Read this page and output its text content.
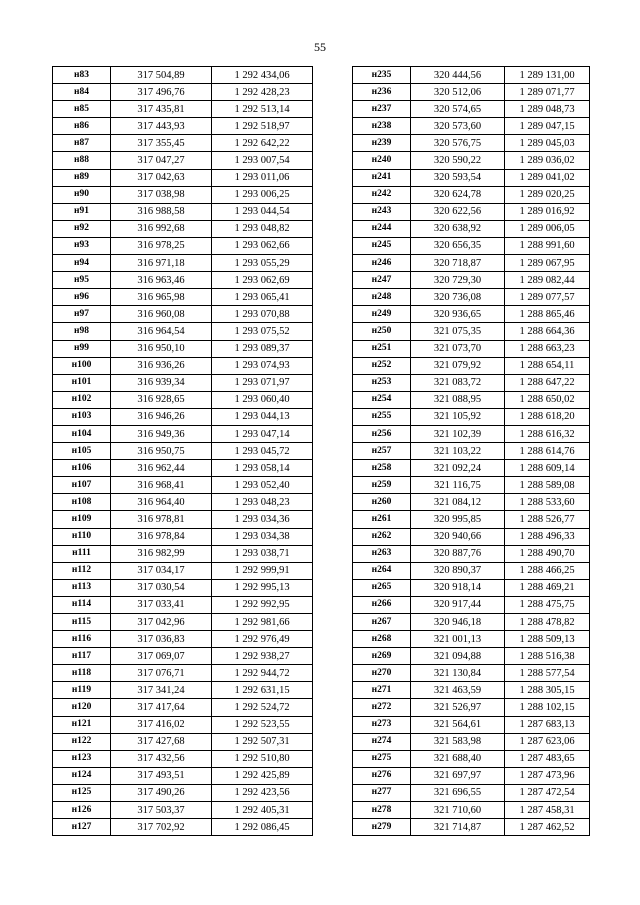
55
н83	317 504,89	1 292 434,06		н235	320 444,56	1 289 131,00
н84	317 496,76	1 292 428,23		н236	320 512,06	1 289 071,77
н85	317 435,81	1 292 513,14		н237	320 574,65	1 289 048,73
н86	317 443,93	1 292 518,97		н238	320 573,60	1 289 047,15
н87	317 355,45	1 292 642,22		н239	320 576,75	1 289 045,03
н88	317 047,27	1 293 007,54		н240	320 590,22	1 289 036,02
н89	317 042,63	1 293 011,06		н241	320 593,54	1 289 041,02
н90	317 038,98	1 293 006,25		н242	320 624,78	1 289 020,25
н91	316 988,58	1 293 044,54		н243	320 622,56	1 289 016,92
н92	316 992,68	1 293 048,82		н244	320 638,92	1 289 006,05
н93	316 978,25	1 293 062,66		н245	320 656,35	1 288 991,60
н94	316 971,18	1 293 055,29		н246	320 718,87	1 289 067,95
н95	316 963,46	1 293 062,69		н247	320 729,30	1 289 082,44
н96	316 965,98	1 293 065,41		н248	320 736,08	1 289 077,57
н97	316 960,08	1 293 070,88		н249	320 936,65	1 288 865,46
н98	316 964,54	1 293 075,52		н250	321 075,35	1 288 664,36
н99	316 950,10	1 293 089,37		н251	321 073,70	1 288 663,23
н100	316 936,26	1 293 074,93		н252	321 079,92	1 288 654,11
н101	316 939,34	1 293 071,97		н253	321 083,72	1 288 647,22
н102	316 928,65	1 293 060,40		н254	321 088,95	1 288 650,02
н103	316 946,26	1 293 044,13		н255	321 105,92	1 288 618,20
н104	316 949,36	1 293 047,14		н256	321 102,39	1 288 616,32
н105	316 950,75	1 293 045,72		н257	321 103,22	1 288 614,76
н106	316 962,44	1 293 058,14		н258	321 092,24	1 288 609,14
н107	316 968,41	1 293 052,40		н259	321 116,75	1 288 589,08
н108	316 964,40	1 293 048,23		н260	321 084,12	1 288 533,60
н109	316 978,81	1 293 034,36		н261	320 995,85	1 288 526,77
н110	316 978,84	1 293 034,38		н262	320 940,66	1 288 496,33
н111	316 982,99	1 293 038,71		н263	320 887,76	1 288 490,70
н112	317 034,17	1 292 999,91		н264	320 890,37	1 288 466,25
н113	317 030,54	1 292 995,13		н265	320 918,14	1 288 469,21
н114	317 033,41	1 292 992,95		н266	320 917,44	1 288 475,75
н115	317 042,96	1 292 981,66		н267	320 946,18	1 288 478,82
н116	317 036,83	1 292 976,49		н268	321 001,13	1 288 509,13
н117	317 069,07	1 292 938,27		н269	321 094,88	1 288 516,38
н118	317 076,71	1 292 944,72		н270	321 130,84	1 288 577,54
н119	317 341,24	1 292 631,15		н271	321 463,59	1 288 305,15
н120	317 417,64	1 292 524,72		н272	321 526,97	1 288 102,15
н121	317 416,02	1 292 523,55		н273	321 564,61	1 287 683,13
н122	317 427,68	1 292 507,31		н274	321 583,98	1 287 623,06
н123	317 432,56	1 292 510,80		н275	321 688,40	1 287 483,65
н124	317 493,51	1 292 425,89		н276	321 697,97	1 287 473,96
н125	317 490,26	1 292 423,56		н277	321 696,55	1 287 472,54
н126	317 503,37	1 292 405,31		н278	321 710,60	1 287 458,31
н127	317 702,92	1 292 086,45		н279	321 714,87	1 287 462,52
